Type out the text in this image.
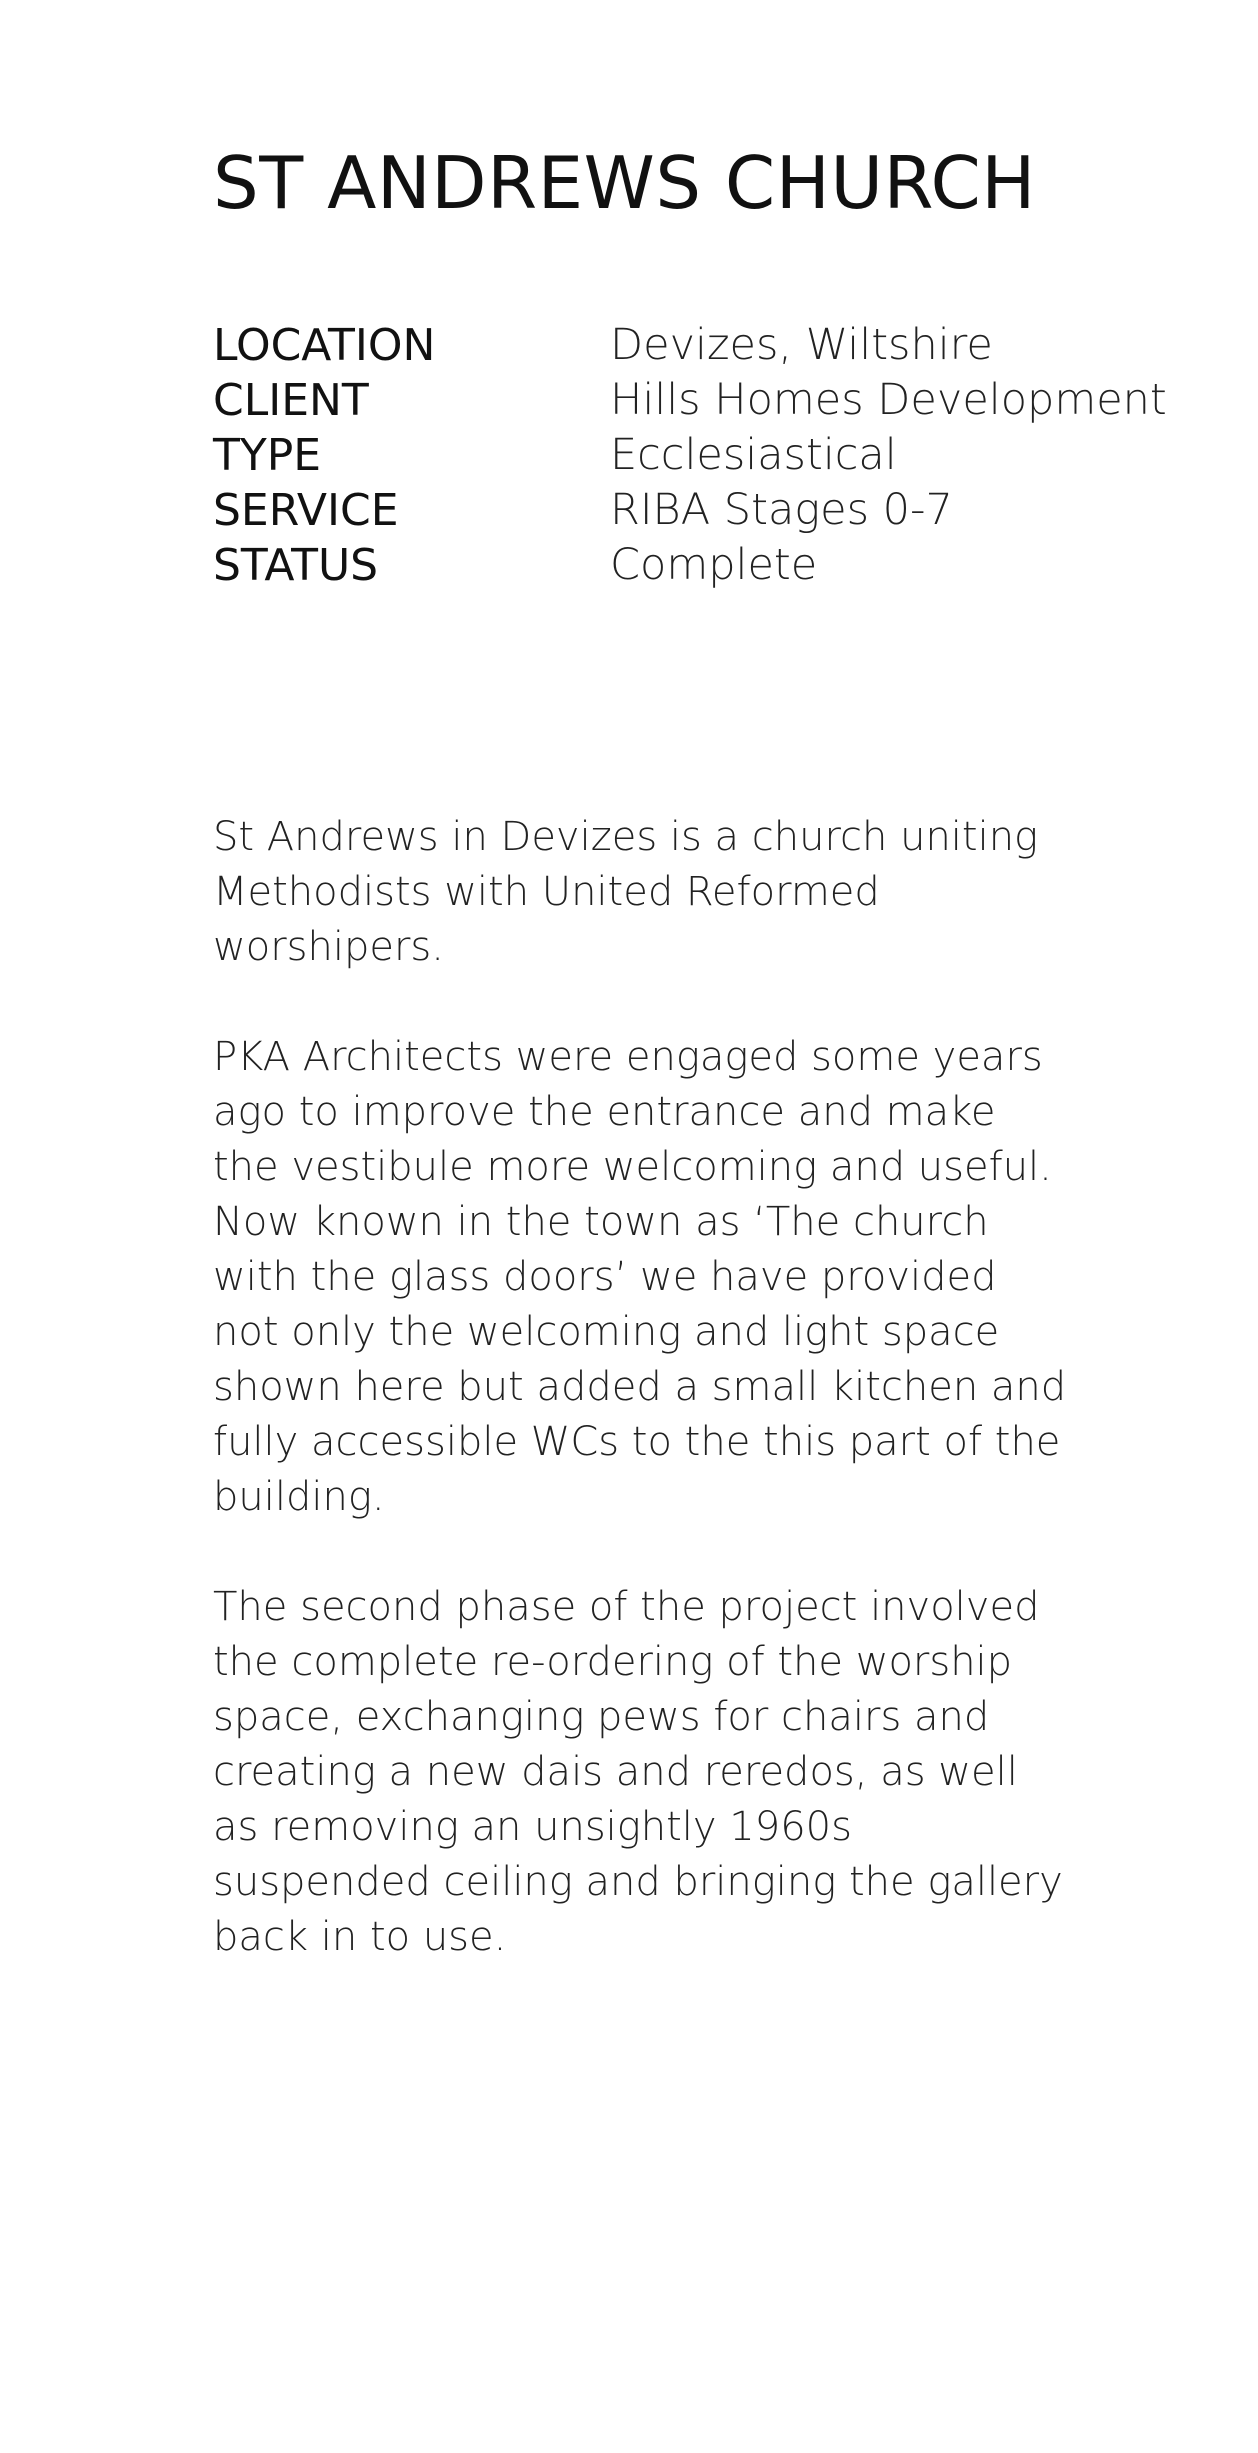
ST ANDREWS CHURCH
LOCATION	Devizes, Wiltshire
CLIENT	Hills Homes Development
TYPE	Ecclesiastical
SERVICE	RIBA Stages 0-7
STATUS	Complete

St Andrews in Devizes is a church uniting Methodists with United Reformed worshipers.

PKA Architects were engaged some years ago to improve the entrance and make the vestibule more welcoming and useful. Now known in the town as ‘The church with the glass doors’ we have provided not only the welcoming and light space shown here but added a small kitchen and fully accessible WCs to the this part of the building.

The second phase of the project involved the complete re-ordering of the worship space, exchanging pews for chairs and creating a new dais and reredos, as well as removing an unsightly 1960s suspended ceiling and bringing the gallery back in to use.
